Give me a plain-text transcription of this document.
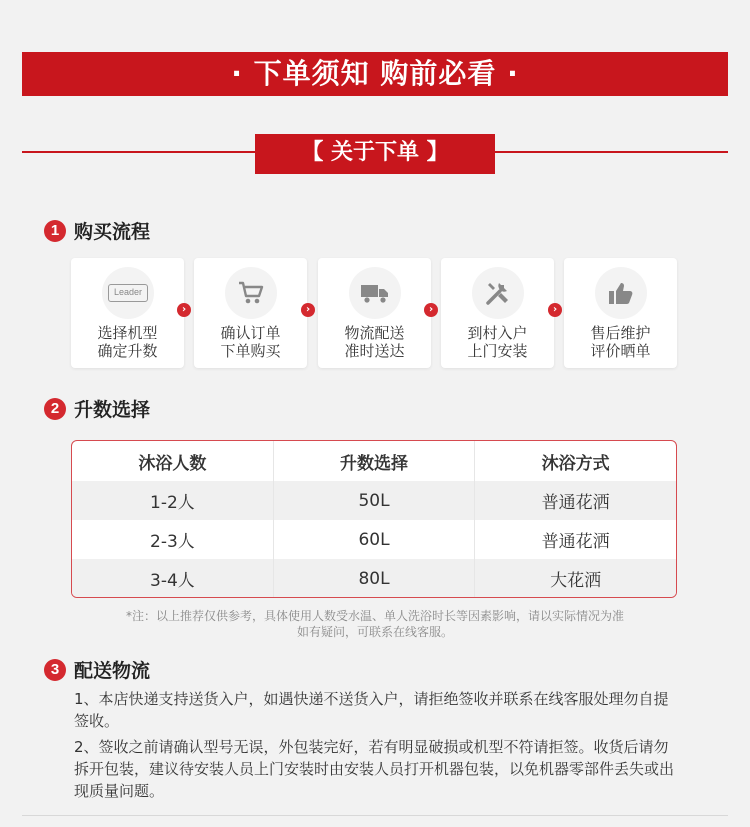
· 下单须知 购前必看 ·
【 关于下单 】
1 购买流程
Leader
选择机型
确定升数
›
确认订单
下单购买
›
物流配送
准时送达
›
到村入户
上门安装
›
售后维护
评价晒单
2 升数选择
沐浴人数	升数选择	沐浴方式
1-2人	50L	普通花洒
2-3人	60L	普通花洒
3-4人	80L	大花洒
*注：以上推荐仅供参考，具体使用人数受水温、单人洗浴时长等因素影响，请以实际情况为准
如有疑问，可联系在线客服。
3 配送物流
1、本店快递支持送货入户，如遇快递不送货入户，请拒绝签收并联系在线客服处理勿自提签收。
2、签收之前请确认型号无误，外包装完好，若有明显破损或机型不符请拒签。收货后请勿拆开包装，建议待安装人员上门安装时由安装人员打开机器包装，以免机器零部件丢失或出现质量问题。
